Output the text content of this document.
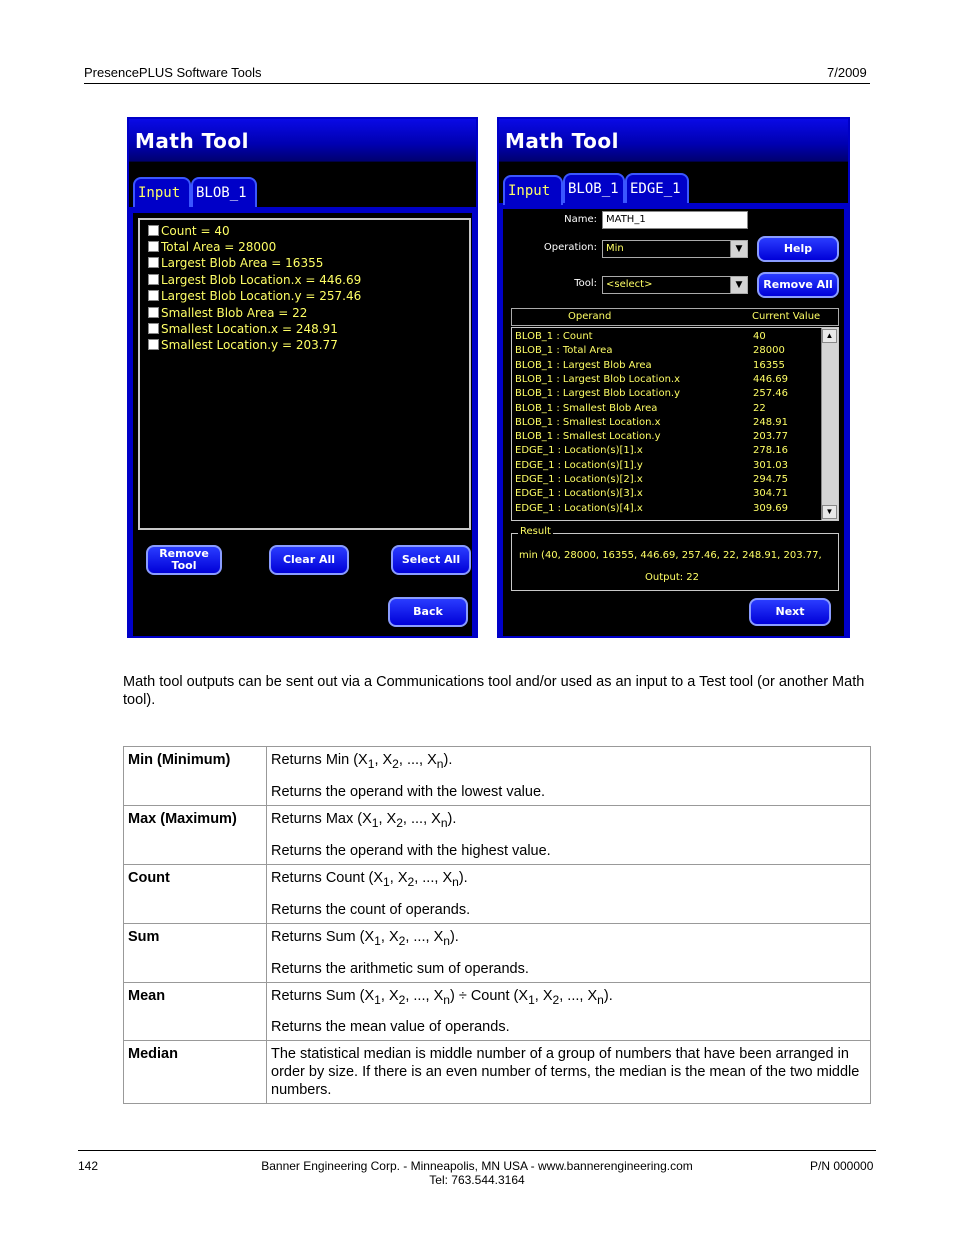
PresencePLUS Software Tools	7/2009
Math Tool
Input	BLOB_1
Count = 40
Total Area = 28000
Largest Blob Area = 16355
Largest Blob Location.x = 446.69
Largest Blob Location.y = 257.46
Smallest Blob Area = 22
Smallest Location.x = 248.91
Smallest Location.y = 203.77
Remove
Tool	Clear All	Select All
Back
Math Tool
Input	BLOB_1 EDGE_1
Name: MATH_1
Operation: Min	▼	Help
Tool: <select>	▼	Remove All
Operand	Current Value
BLOB_1 : Count	40
BLOB_1 : Total Area	28000
BLOB_1 : Largest Blob Area	16355
BLOB_1 : Largest Blob Location.x	446.69
BLOB_1 : Largest Blob Location.y	257.46
BLOB_1 : Smallest Blob Area	22
BLOB_1 : Smallest Location.x	248.91
BLOB_1 : Smallest Location.y	203.77
EDGE_1 : Location(s)[1].x	278.16
EDGE_1 : Location(s)[1].y	301.03
EDGE_1 : Location(s)[2].x	294.75
EDGE_1 : Location(s)[3].x	304.71
EDGE_1 : Location(s)[4].x	309.69
▲
▼
Result
min (40, 28000, 16355, 446.69, 257.46, 22, 248.91, 203.77,
Output: 22
Next
Math tool outputs can be sent out via a Communications tool and/or used as an input to a Test tool (or another Math tool).
Min (Minimum)	Returns Min ($X_1$, $X_2$, ..., $X_n$).

Returns the operand with the lowest value.

Max (Maximum)	Returns Max ($X_1$, $X_2$, ..., $X_n$).

Returns the operand with the highest value.

Count	Returns Count ($X_1$, $X_2$, ..., $X_n$).

Returns the count of operands.

Sum	Returns Sum ($X_1$, $X_2$, ..., $X_n$).

Returns the arithmetic sum of operands.

Mean	Returns Sum ($X_1$, $X_2$, ..., $X_n$) ÷ Count ($X_1$, $X_2$, ..., $X_n$).

Returns the mean value of operands.

Median	The statistical median is middle number of a group of numbers that have been arranged in order by size. If there is an even number of terms, the median is the mean of the two middle numbers.

142	Banner Engineering Corp. - Minneapolis, MN USA - www.bannerengineering.com
Tel: 763.544.3164
P/N 000000
